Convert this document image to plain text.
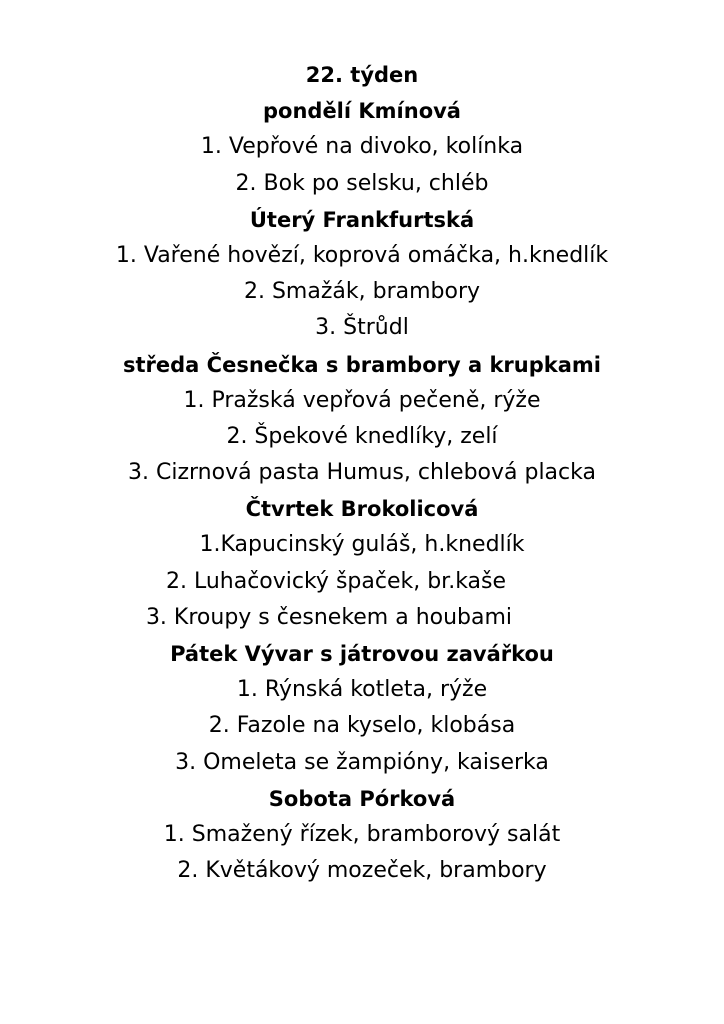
22. týden
pondělí Kmínová
1. Vepřové na divoko, kolínka
2. Bok po selsku, chléb
Úterý Frankfurtská
1. Vařené hovězí, koprová omáčka, h.knedlík
2. Smažák, brambory
3. Štrůdl
středa Česnečka s brambory a krupkami
1. Pražská vepřová pečeně, rýže
2. Špekové knedlíky, zelí
3. Cizrnová pasta Humus, chlebová placka
Čtvrtek Brokolicová
1.Kapucinský guláš, h.knedlík
2. Luhačovický špaček, br.kaše
3. Kroupy s česnekem a houbami
Pátek Vývar s játrovou zavářkou
1. Rýnská kotleta, rýže
2. Fazole na kyselo, klobása
3. Omeleta se žampióny, kaiserka
Sobota Pórková
1. Smažený řízek, bramborový salát
2. Květákový mozeček, brambory
